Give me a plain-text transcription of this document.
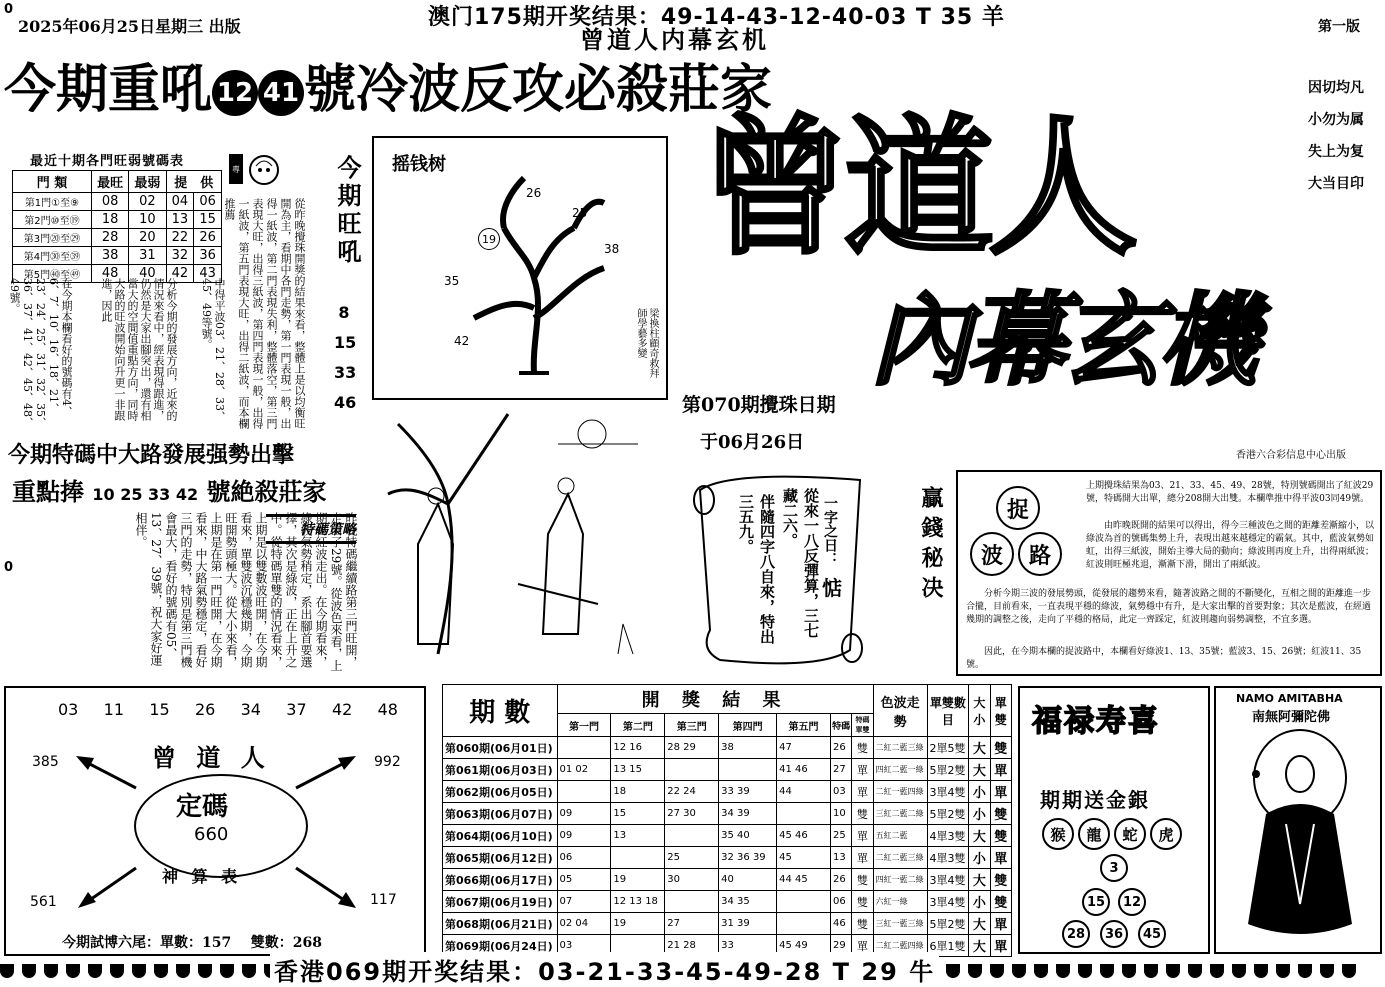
0
2025年06月25日星期三 出版	澳门175期开奖结果：49-14-43-12-40-03 T 35 羊
曾道人内幕玄机	第一版
今期重吼 12 41號冷波反攻必殺莊家
最近十期各門旺弱號碼表
門 類	最旺	最弱	提　 供	
第1門①至⑨	08	02	04	06
第2門⑩至⑲	18	10	13	15
第3門⑳至㉙	28	20	22	26
第4門㉚至㊴	38	31	32	36
第5門㊵至㊾	48	40	42	43
在今期本欄看好的號碼有4、6、7、10、16、18、21、23、24、25、31、32、35、36、37、41、42、45、48、49號。	分析今期的發展方向，近來的情況來看中，經表現得跟進，仍然是大家出腳突出，還有相當大的空間值重點方向，同時大路的旺波開始向升更一非跟進，因此	中得平波03、21、28、33、45、49等號。
專
從昨晚攪珠開獎的結果來看，整體上是以均衡旺開為主，看期中各門走勢，第一門表現一般，出得一紙波，第二門表現失利，整體落空，第三門表現大旺，出得三紙波，第四門表現一般，出得一紙波，第五門表現大旺，出得二紙波，而本欄推薦	今期旺吼
8
15
33
46
今期特碼中大路發展强勢出擊
重點捧 10 25 33 42 號絶殺莊家
特碼策略
0	昨晚特碼繼續路第三門旺開，走出了29號。從波色來看，上期在紅波走出。在今期看來，綠波氣勢稍定，系出腳首要選擇，其次是綠波，正在上升之中。從特碼單雙的情況看來，上期是以雙數波旺開，在今期看來，單雙波沉穩幾期，今期旺開勢頭極大。從大小來看，上期是在第一門旺開，在今期看來，中大路氣勢穩定，看好三門的走勢，特別是第三門機會最大，看好的號碼有05、13、27、39號，祝大家好運相伴。
摇钱树
26
25
19
38
35
42	梁換柱顧奇救拜師學藝多變
第070期攪珠日期
于06月26日
從來一八反彈算，三七藏二六。
伴隨四字八自來，特出三五九。	一字之日：
惦
曾道人
內幕玄機
香港六合彩信息中心出版
因切均凡
小勿为属
失上为复
大当目印
贏錢秘决	捉
波	路
上期攪珠結果為03、21、33、45、49、28號，特別號碼開出了紅波29號，特碼開大出單，總分208開大出雙。本欄準推中得平波03同49號。
由昨晚既開的結果可以得出，得今三種波色之間的距離差漸縮小，以綠波為首的號碼集勢上升，表現出越來越穩定的霸氣。其中，藍波氣勢如虹，出得三紙波，開始主導大局的動向；綠波則再度上升，出得兩紙波；紅波則旺極兆退，漸漸下滑，開出了兩紙波。
分析今期三波的發展勢頭，從發展的趨勢來看，隨著波路之間的不斷變化，互相之間的距離進一步合攏，目前看來，一直表現平穩的綠波，氣勢穩中有升，是大家出擊的首要對象；其次是藍波，在經過幾期的調整之後，走向了平穩的格局，此定一齊踩定，紅波則趨向弱勢調整，不宜多選。
因此，在今期本欄的捉波路中，本欄看好綠波1、13、35號；藍波3、15、26號；紅波11、35號。
03 11 15 26 34 37 42 48
曾 道 人
定碼
660
神 算 表
385	992
561	117
今期試博六尾：單數：157    雙數：268
期 數	開 獎 結 果							色波走勢	單雙數目	大小	單雙
	第一門	第二門	第三門	第四門	第五門	特碼	特碼單雙				
第060期(06月01日)		12 16	28 29	38	47	26	雙	二紅二藍三綠	2單5雙	大	雙
第061期(06月03日)	01 02	13 15			41 46	27	單	四紅二藍一綠	5單2雙	大	單
第062期(06月05日)		18	22 24	33 39	44	03	單	二紅一藍四綠	3單4雙	小	單
第063期(06月07日)	09	15	27 30	34 39		10	雙	三紅二藍二綠	5單2雙	小	雙
第064期(06月10日)	09	13		35 40	45 46	25	單	五紅二藍	4單3雙	大	雙
第065期(06月12日)	06		25	32 36 39	45	13	單	二紅二藍三綠	4單3雙	小	單
第066期(06月17日)	05	19	30	40	44 45	26	雙	四紅一藍二綠	3單4雙	大	雙
第067期(06月19日)	07	12 13 18		34 35		06	雙	六紅一綠	3單4雙	小	雙
第068期(06月21日)	02 04	19	27	31 39		46	雙	三紅一藍三綠	5單2雙	大	單
第069期(06月24日)	03		21 28	33	45 49	29	單	二紅二藍四綠	6單1雙	大	單
福禄寿喜
期期送金銀
猴	龍	蛇	虎
3
15	12
28	36	45
NAMO AMITABHA
南無阿彌陀佛
香港069期开奖结果：03-21-33-45-49-28 T 29 牛
